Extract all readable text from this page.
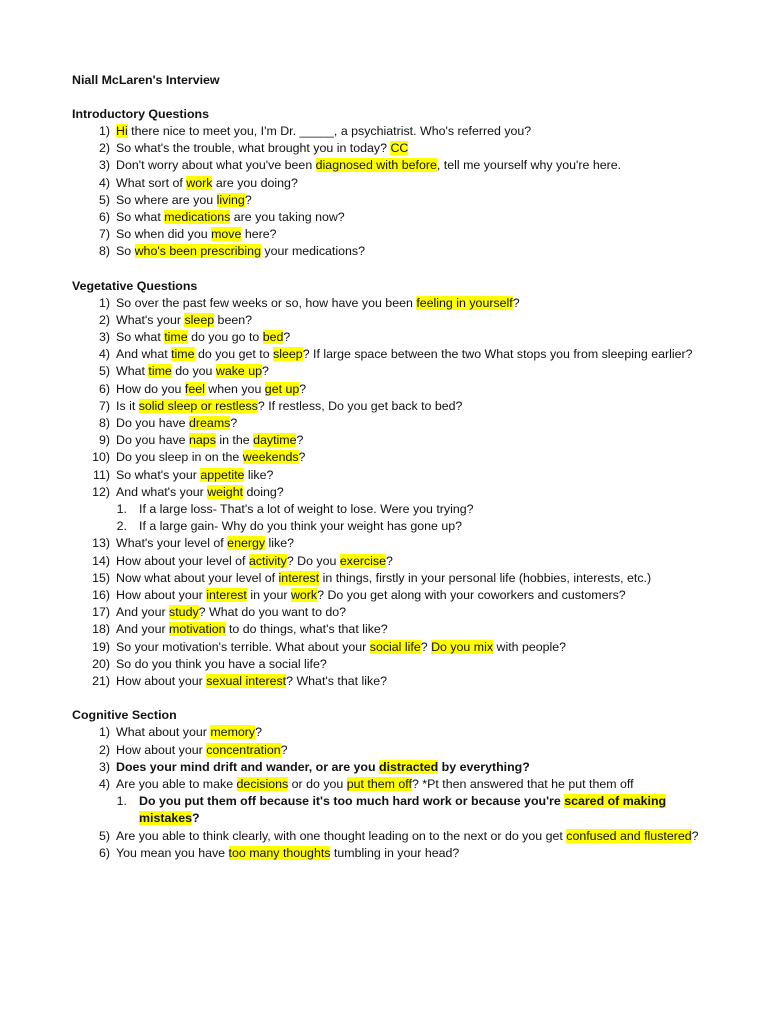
Niall McLaren's Interview
Introductory Questions
1) Hi there nice to meet you, I'm Dr. _____, a psychiatrist. Who's referred you?
2) So what's the trouble, what brought you in today? CC
3) Don't worry about what you've been diagnosed with before, tell me yourself why you're here.
4) What sort of work are you doing?
5) So where are you living?
6) So what medications are you taking now?
7) So when did you move here?
8) So who's been prescribing your medications?
Vegetative Questions
1) So over the past few weeks or so, how have you been feeling in yourself?
2) What's your sleep been?
3) So what time do you go to bed?
4) And what time do you get to sleep? If large space between the two What stops you from sleeping earlier?
5) What time do you wake up?
6) How do you feel when you get up?
7) Is it solid sleep or restless? If restless, Do you get back to bed?
8) Do you have dreams?
9) Do you have naps in the daytime?
10) Do you sleep in on the weekends?
11) So what's your appetite like?
12) And what's your weight doing?
1. If a large loss- That's a lot of weight to lose. Were you trying?
2. If a large gain- Why do you think your weight has gone up?
13) What's your level of energy like?
14) How about your level of activity? Do you exercise?
15) Now what about your level of interest in things, firstly in your personal life (hobbies, interests, etc.)
16) How about your interest in your work? Do you get along with your coworkers and customers?
17) And your study? What do you want to do?
18) And your motivation to do things, what's that like?
19) So your motivation's terrible. What about your social life? Do you mix with people?
20) So do you think you have a social life?
21) How about your sexual interest? What's that like?
Cognitive Section
1) What about your memory?
2) How about your concentration?
3) Does your mind drift and wander, or are you distracted by everything?
4) Are you able to make decisions or do you put them off? *Pt then answered that he put them off
1. Do you put them off because it's too much hard work or because you're scared of making mistakes?
5) Are you able to think clearly, with one thought leading on to the next or do you get confused and flustered?
6) You mean you have too many thoughts tumbling in your head?
